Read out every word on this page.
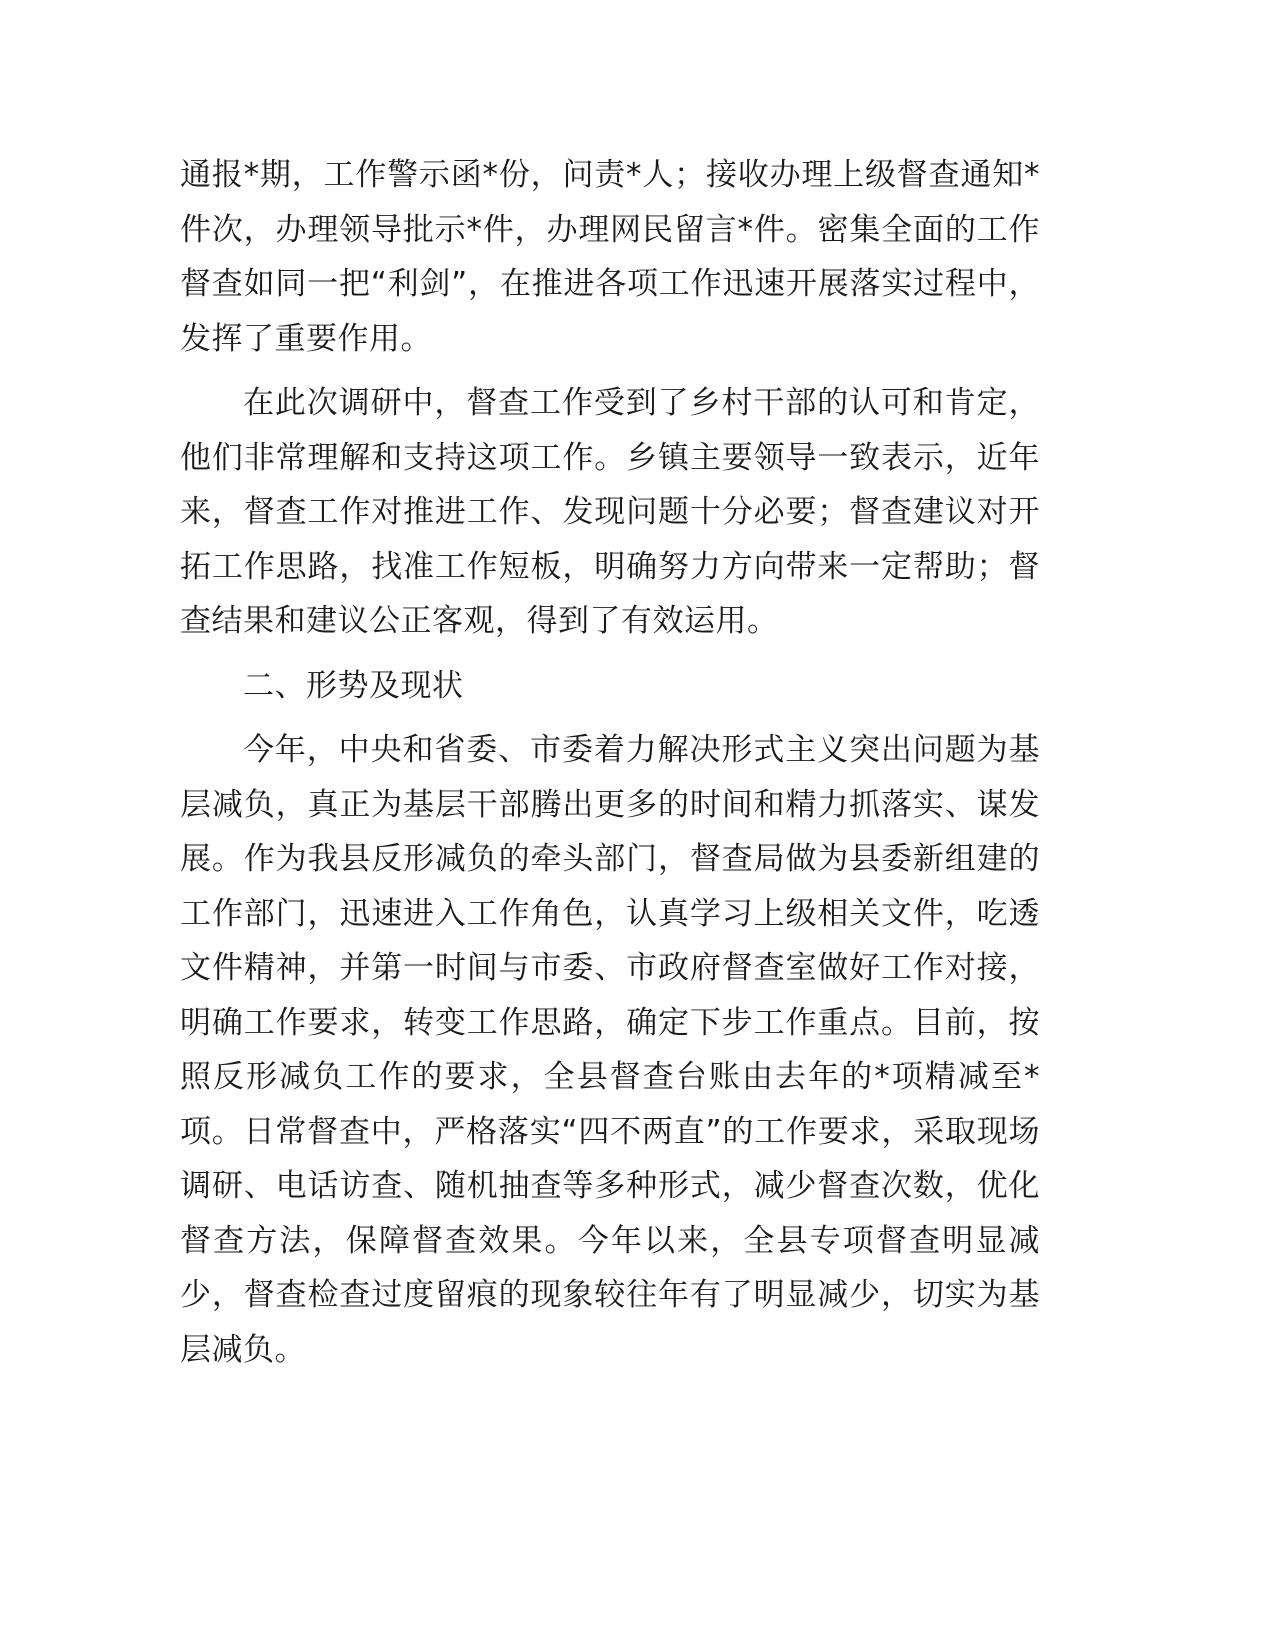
通报*期，工作警示函*份，问责*人；接收办理上级督查通知*件次，办理领导批示*件，办理网民留言*件。密集全面的工作督查如同一把“利剑”，在推进各项工作迅速开展落实过程中，发挥了重要作用。

在此次调研中，督查工作受到了乡村干部的认可和肯定，他们非常理解和支持这项工作。乡镇主要领导一致表示，近年来，督查工作对推进工作、发现问题十分必要；督查建议对开拓工作思路，找准工作短板，明确努力方向带来一定帮助；督查结果和建议公正客观，得到了有效运用。

二、形势及现状

今年，中央和省委、市委着力解决形式主义突出问题为基层减负，真正为基层干部腾出更多的时间和精力抓落实、谋发展。作为我县反形减负的牵头部门，督查局做为县委新组建的工作部门，迅速进入工作角色，认真学习上级相关文件，吃透文件精神，并第一时间与市委、市政府督查室做好工作对接，明确工作要求，转变工作思路，确定下步工作重点。目前，按照反形减负工作的要求，全县督查台账由去年的*项精减至*项。日常督查中，严格落实“四不两直”的工作要求，采取现场调研、电话访查、随机抽查等多种形式，减少督查次数，优化督查方法，保障督查效果。今年以来，全县专项督查明显减少，督查检查过度留痕的现象较往年有了明显减少，切实为基层减负。
